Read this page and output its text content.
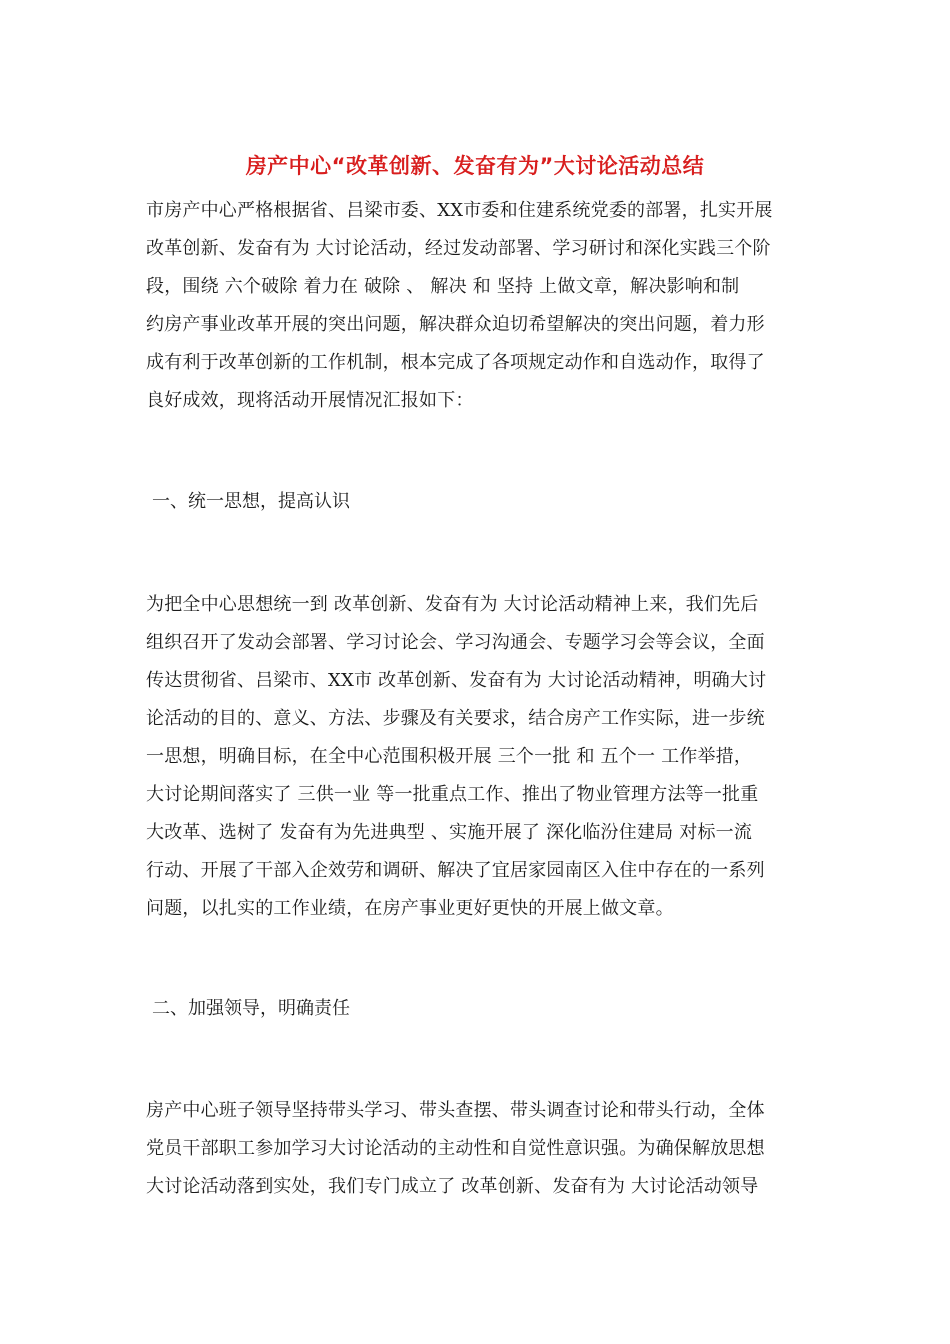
房产中心“改革创新、发奋有为”大讨论活动总结
市房产中心严格根据省、吕梁市委、XX市委和住建系统党委的部署，扎实开展
改革创新、发奋有为 大讨论活动，经过发动部署、学习研讨和深化实践三个阶
段，围绕 六个破除 着力在 破除 、 解决 和 坚持 上做文章，解决影响和制
约房产事业改革开展的突出问题，解决群众迫切希望解决的突出问题，着力形
成有利于改革创新的工作机制，根本完成了各项规定动作和自选动作，取得了
良好成效，现将活动开展情况汇报如下：
一、统一思想，提高认识
为把全中心思想统一到 改革创新、发奋有为 大讨论活动精神上来，我们先后
组织召开了发动会部署、学习讨论会、学习沟通会、专题学习会等会议，全面
传达贯彻省、吕梁市、XX市 改革创新、发奋有为 大讨论活动精神，明确大讨
论活动的目的、意义、方法、步骤及有关要求，结合房产工作实际，进一步统
一思想，明确目标，在全中心范围积极开展 三个一批 和 五个一 工作举措，
大讨论期间落实了 三供一业 等一批重点工作、推出了物业管理方法等一批重
大改革、选树了 发奋有为先进典型 、实施开展了 深化临汾住建局 对标一流
行动、开展了干部入企效劳和调研、解决了宜居家园南区入住中存在的一系列
问题，以扎实的工作业绩，在房产事业更好更快的开展上做文章。
二、加强领导，明确责任
房产中心班子领导坚持带头学习、带头查摆、带头调查讨论和带头行动，全体
党员干部职工参加学习大讨论活动的主动性和自觉性意识强。为确保解放思想
大讨论活动落到实处，我们专门成立了 改革创新、发奋有为 大讨论活动领导
